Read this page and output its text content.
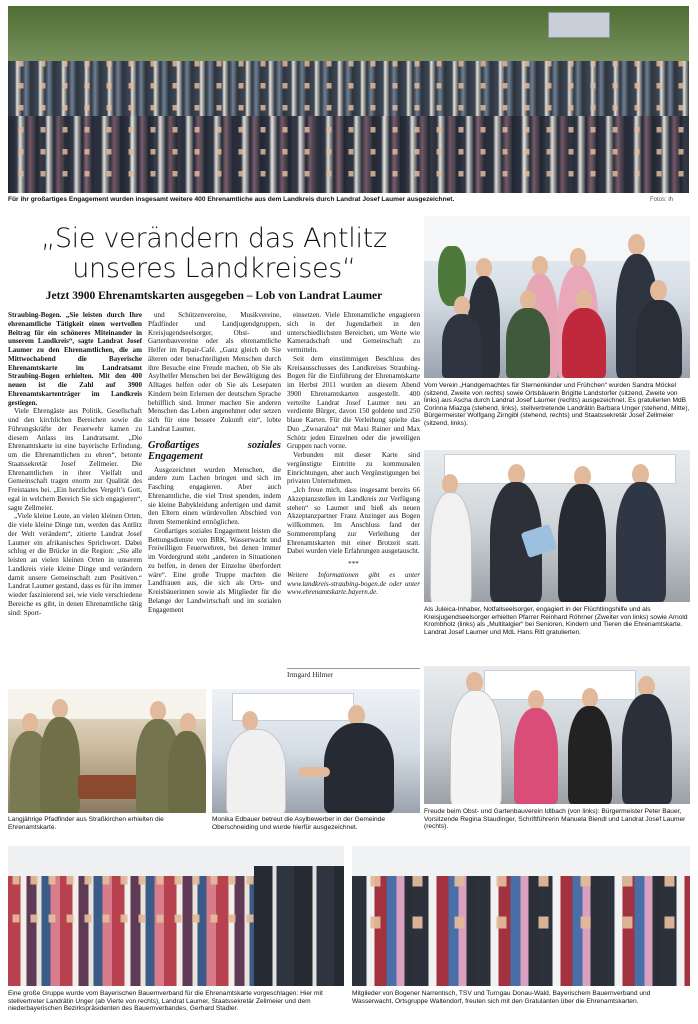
Für ihr großartiges Engagement wurden insgesamt weitere 400 Ehrenamtliche aus dem Landkreis durch Landrat Josef Laumer ausgezeichnet.	Fotos: lh
„Sie verändern das Antlitz
unseres Landkreises“
Jetzt 3900 Ehrenamtskarten ausgegeben – Lob von Landrat Laumer

Straubing-Bogen. „Sie leisten durch Ihre ehrenamtliche Tätigkeit einen wertvollen Beitrag für ein schöneres Miteinander in unserem Landkreis“, sagte Landrat Josef Laumer zu den Ehrenamtlichen, die am Mittwochabend die Bayerische Ehrenamtskarte im Landratsamt Straubing-Bogen erhielten. Mit den 400 neuen ist die Zahl auf 3900 Ehrenamtskartenträger im Landkreis gestiegen.

Viele Ehrengäste aus Politik, Gesellschaft und den kirchlichen Bereichen sowie die Führungskräfte der Feuerwehr kamen zu diesem Anlass ins Landratsamt. „Die Ehrenamtskarte ist eine bayerische Erfindung, um die Ehrenamtlichen zu ehren“, betonte Staatssekretär Josef Zellmeier. Die Ehrenamtlichen in ihrer Vielfalt und Gemeinschaft tragen enorm zur Qualität des Freistaates bei. „Ein herzliches Vergelt’s Gott, egal in welchem Bereich Sie sich engagieren“, sagte Zellmeier.

„Viele kleine Leute, an vielen kleinen Orten, die viele kleine Dinge tun, werden das Antlitz der Welt verändern“, zitierte Landrat Josef Laumer ein afrikanisches Sprichwort. Dabei schlug er die Brücke in die Region: „Sie alle leisten an vielen kleinen Orten in unserem Landkreis viele kleine Dinge und verändern damit unsere Gemeinschaft zum Positiven.“ Landrat Laumer gestand, dass es für ihn immer wieder faszinierend sei, wie viele verschiedene Bereiche es gibt, in denen Ehrenamtliche tätig sind: Sport-

und Schützenvereine, Musikvereine, Pfadfinder und Landjugendgruppen, Kreisjugendseelsorger, Obst- und Gartenbauvereine oder als ehrenamtliche Helfer im Repair-Café. „Ganz gleich ob Sie älteren oder benachteiligten Menschen durch ihre Besuche eine Freude machen, ob Sie als Asylhelfer Menschen bei der Bewältigung des Alltages helfen oder ob Sie als Lesepaten Kindern beim Erlernen der deutschen Sprache behilflich sind. Immer machen Sie anderen Menschen das Leben angenehmer oder setzen sich für eine bessere Zukunft ein“, lobte Landrat Laumer.

Großartiges soziales Engagement

Ausgezeichnet wurden Menschen, die andere zum Lachen bringen und sich im Fasching engagieren. Aber auch Ehrenamtliche, die viel Trost spenden, indem sie kleine Babykleidung anfertigen und damit den Eltern einen würdevollen Abschied von ihrem Sternenkind ermöglichen.

Großartiges soziales Engagement leisten die Bettungsdienste von BRK, Wasserwacht und Freiwilligen Feuerwehren, bei denen immer im Vordergrund steht „anderen in Situationen zu helfen, in denen der Einzelne überfordert wäre“. Eine große Truppe machten die Landfrauen aus, die sich als Orts- und Kreisbäuerinnen sowie als Mitglieder für die Belange der Landwirtschaft und im sozialen Engagement

einsetzen. Viele Ehrenamtliche engagieren sich in der Jugendarbeit in den unterschiedlichsten Bereichen, um Werte wie Kameradschaft und Gemeinschaft zu vermitteln.

Seit dem einstimmigen Beschluss des Kreisausschusses des Landkreises Straubing-Bogen für die Einführung der Ehrenamtskarte im Herbst 2011 wurden an diesem Abend 3900 Ehrenamtskarten ausgestellt. 400 verteilte Landrat Josef Laumer neu an verdiente Bürger, davon 150 goldene und 250 blaue Karten. Für die Verleihung spielte das Duo „Zwoaraloa“ mit Maxi Rainer und Max Schötz jeden Einzelnen oder die jeweiligen Gruppen nach vorne.

Verbunden mit dieser Karte sind vergünstigte Eintritte zu kommunalen Einrichtungen, aber auch Vergünstigungen bei privaten Unternehmen.

„Ich freue mich, dass insgesamt bereits 66 Akzeptanzstellen im Landkreis zur Verfügung stehen“ so Laumer und hieß als neuen Akzeptanzpartner Franz Anzinger aus Bogen willkommen. Im Anschluss fand der Sommerempfang zur Verleihung der Ehrenamtskarten mit einer Brotzeit statt. Dabei wurden viele Erfahrungen ausgetauscht.

***

Weitere Informationen gibt es unter www.landkreis-straubing-bogen.de oder unter www.ehrenamtskarte.bayern.de.

Irmgard Hilmer
Vom Verein „Handgemachtes für Sternenkinder und Frühchen“ wurden Sandra Möckel (sitzend, Zweite von rechts) sowie Ortsbäuerin Brigitte Landstorfer (sitzend, Zweite von links) aus Ascha durch Landrat Josef Laumer (rechts) ausgezeichnet. Es gratulierten MdB Corinna Miazga (stehend, links), stellvertretende Landrätin Barbara Unger (stehend, Mitte), Bürgermeister Wolfgang Zirngibl (stehend, rechts) und Staatssekretär Josef Zellmeier (sitzend, links).
Als Juleica-Inhaber, Notfallseelsorger, engagiert in der Flüchtlingshilfe und als Kreisjugendseelsorger erhielten Pfarrer Reinhard Röhrner (Zweiter von links) sowie Arnold Krombholz (links) als „Multitalgier“ bei Senioren, Kindern und Tieren die Ehrenamtskarte. Landrat Josef Laumer und MdL Hans Ritt gratulierten.
Freude beim Obst- und Gartenbauverein Idlbach (von links): Bürgermeister Peter Bauer, Vorsitzende Regina Staudinger, Schriftführerin Manuela Biendl und Landrat Josef Laumer (rechts).
Langjährige Pfadfinder aus Straßkirchen erhielten die Ehrenamtskarte.
Monika Edbauer betreut die Asylbewerber in der Gemeinde Oberschneiding und wurde hierfür ausgezeichnet.
Eine große Gruppe wurde vom Bayerischen Bauernverband für die Ehrenamtskarte vorgeschlagen: Hier mit stellvertreter Landrätin Unger (ab Vierte von rechts), Landrat Laumer, Staatssekretär Zellmeier und dem niederbayerischen Bezirkspräsidenten des Bauernverbandes, Gerhard Stadler.
Mitglieder von Bogener Narrentisch, TSV und Turngau Donau-Wald, Bayerischem Bauernverband und Wasserwacht, Ortsgruppe Waltendorf, freuten sich mit den Gratulanten über die Ehrenamtskarten.
